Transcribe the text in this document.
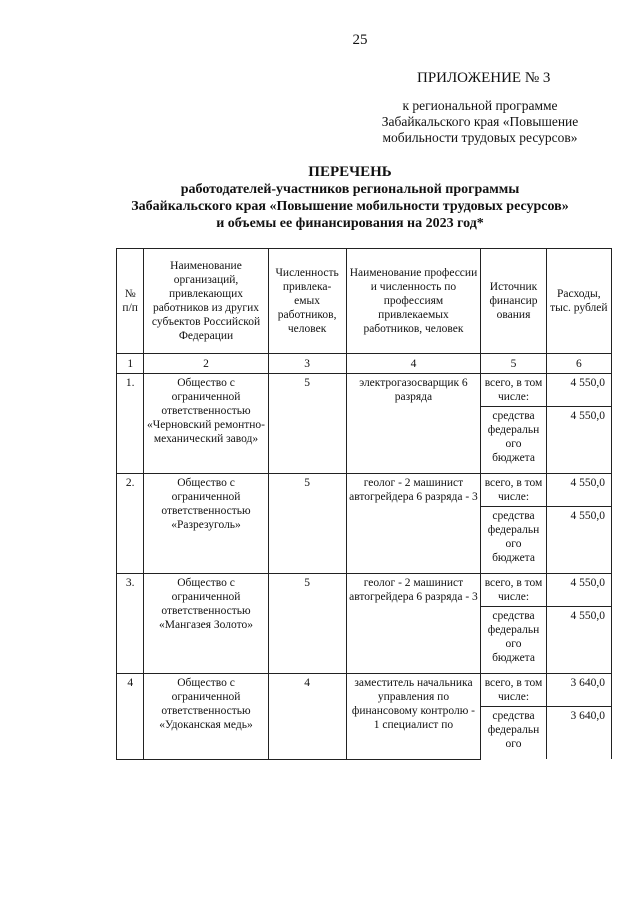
25
ПРИЛОЖЕНИЕ № 3
к региональной программе
Забайкальского края «Повышение
мобильности трудовых ресурсов»
ПЕРЕЧЕНЬ
работодателей-участников региональной программы
Забайкальского края «Повышение мобильности трудовых ресурсов»
и объемы ее финансирования на 2023 год*
№ п/п	Наименование организаций, привлекающих работников из других субъектов Российской Федерации	Численность привлека-емых работников, человек	Наименование профессии и численность по профессиям привлекаемых работников, человек	Источник финансир ования	Расходы, тыс. рублей
1	2	3	4	5	6
1.	Общество с ограниченной ответственностью «Черновский ремонтно-механический завод»	5	электрогазосварщик 6 разряда	всего, в том числе:	4 550,0
				средства федеральн ого бюджета	4 550,0
2.	Общество с ограниченной ответственностью «Разрезуголь»	5	геолог - 2 машинист автогрейдера 6 разряда - 3	всего, в том числе:	4 550,0
				средства федеральн ого бюджета	4 550,0
3.	Общество с ограниченной ответственностью «Мангазея Золото»	5	геолог - 2 машинист автогрейдера 6 разряда - 3	всего, в том числе:	4 550,0
				средства федеральн ого бюджета	4 550,0
4	Общество с ограниченной ответственностью «Удоканская медь»	4	заместитель начальника управления по финансовому контролю - 1 специалист по	всего, в том числе:	3 640,0
				средства федеральн ого	3 640,0
